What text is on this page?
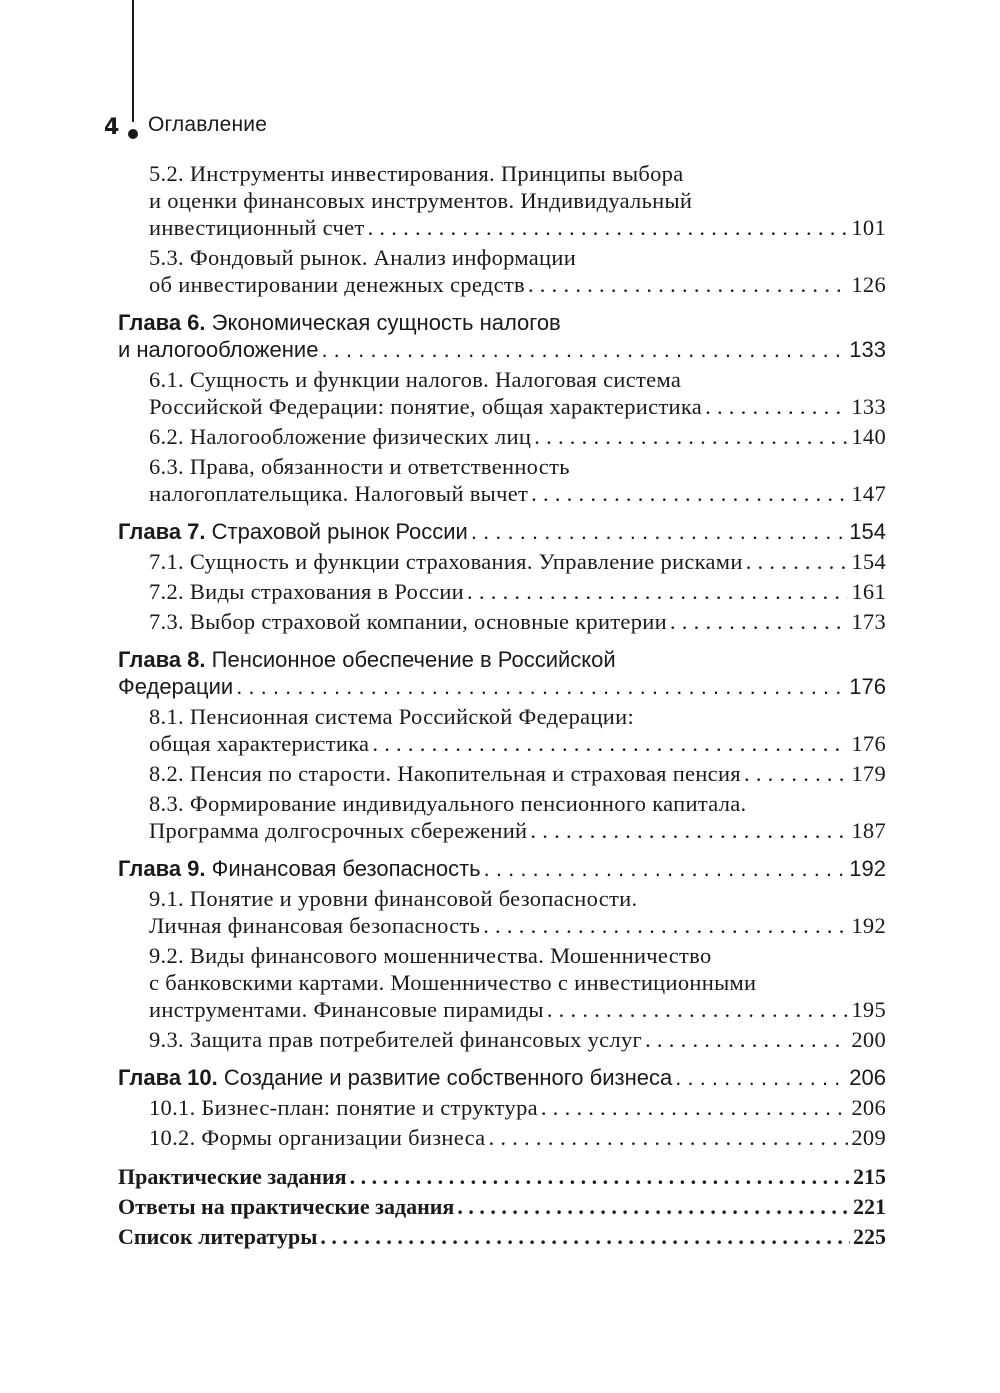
4 Оглавление
5.2. Инструменты инвестирования. Принципы выбора
и оценки финансовых инструментов. Индивидуальный
инвестиционный счет . . .	101
5.3. Фондовый рынок. Анализ информации
об инвестировании денежных средств . . .	126
Глава 6. Экономическая сущность налогов
и налогообложение . . .	133
6.1. Сущность и функции налогов. Налоговая система
Российской Федерации: понятие, общая характеристика . . .	133
6.2. Налогообложение физических лиц . . .	140
6.3. Права, обязанности и ответственность
налогоплательщика. Налоговый вычет . . .	147
Глава 7. Страховой рынок России . . .	154
7.1. Сущность и функции страхования. Управление рисками . . .	154
7.2. Виды страхования в России . . .	161
7.3. Выбор страховой компании, основные критерии . . .	173
Глава 8. Пенсионное обеспечение в Российской
Федерации . . .	176
8.1. Пенсионная система Российской Федерации:
общая характеристика . . .	176
8.2. Пенсия по старости. Накопительная и страховая пенсия . . .	179
8.3. Формирование индивидуального пенсионного капитала.
Программа долгосрочных сбережений . . .	187
Глава 9. Финансовая безопасность . . .	192
9.1. Понятие и уровни финансовой безопасности.
Личная финансовая безопасность . . .	192
9.2. Виды финансового мошенничества. Мошенничество
с банковскими картами. Мошенничество с инвестиционными
инструментами. Финансовые пирамиды . . .	195
9.3. Защита прав потребителей финансовых услуг . . .	200
Глава 10. Создание и развитие собственного бизнеса . . .	206
10.1. Бизнес-план: понятие и структура . . .	206
10.2. Формы организации бизнеса . . .	209
Практические задания . . .	215
Ответы на практические задания . . .	221
Список литературы . . .	225
